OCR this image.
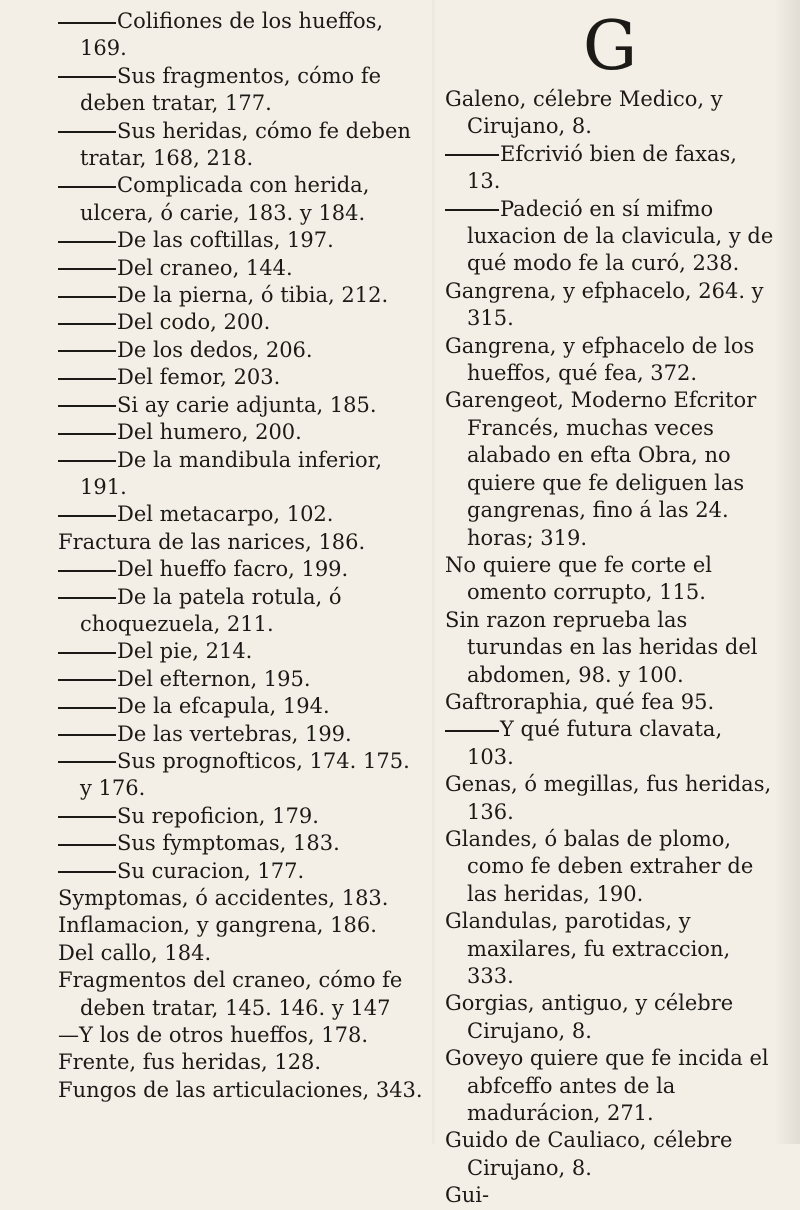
Colifiones de los hueffos, 169.

Sus fragmentos, cómo fe deben tratar, 177.

Sus heridas, cómo fe deben tratar, 168, 218.

Complicada con herida, ulcera, ó carie, 183. y 184.

De las coftillas, 197.

Del craneo, 144.

De la pierna, ó tibia, 212.

Del codo, 200.

De los dedos, 206.

Del femor, 203.

Si ay carie adjunta, 185.

Del humero, 200.

De la mandibula inferior, 191.

Del metacarpo, 102.

Fractura de las narices, 186.

Del hueffo facro, 199.

De la patela rotula, ó choquezuela, 211.

Del pie, 214.

Del efternon, 195.

De la efcapula, 194.

De las vertebras, 199.

Sus prognofticos, 174. 175. y 176.

Su repoficion, 179.

Sus fymptomas, 183.

Su curacion, 177.

Symptomas, ó accidentes, 183.

Inflamacion, y gangrena, 186.

Del callo, 184.

Fragmentos del craneo, cómo fe deben tratar, 145. 146. y 147

—Y los de otros hueffos, 178.

Frente, fus heridas, 128.

Fungos de las articulaciones, 343.

G

Galeno, célebre Medico, y Cirujano, 8.

Efcrivió bien de faxas, 13.

Padeció en sí mifmo luxacion de la clavicula, y de qué modo fe la curó, 238.

Gangrena, y efphacelo, 264. y 315.

Gangrena, y efphacelo de los hueffos, qué fea, 372.

Garengeot, Moderno Efcritor Francés, muchas veces alabado en efta Obra, no quiere que fe deliguen las gangrenas, fino á las 24. horas; 319.

No quiere que fe corte el omento corrupto, 115.

Sin razon reprueba las turundas en las heridas del abdomen, 98. y 100.

Gaftroraphia, qué fea 95.

Y qué futura clavata, 103.

Genas, ó megillas, fus heridas, 136.

Glandes, ó balas de plomo, como fe deben extraher de las heridas, 190.

Glandulas, parotidas, y maxilares, fu extraccion, 333.

Gorgias, antiguo, y célebre Cirujano, 8.

Goveyo quiere que fe incida el abfceffo antes de la madurácion, 271.

Guido de Cauliaco, célebre Cirujano, 8.

Gui-
